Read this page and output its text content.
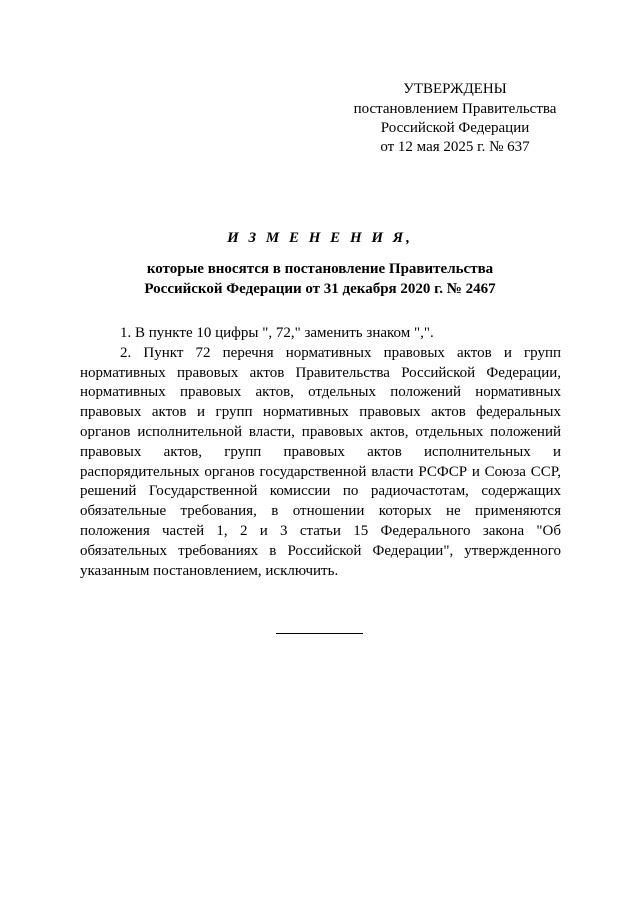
УТВЕРЖДЕНЫ
постановлением Правительства
Российской Федерации
от 12 мая 2025 г. № 637

И З М Е Н Е Н И Я,

которые вносятся в постановление Правительства
Российской Федерации от 31 декабря 2020 г. № 2467

1. В пункте 10 цифры ", 72," заменить знаком ",".

2. Пункт 72 перечня нормативных правовых актов и групп нормативных правовых актов Правительства Российской Федерации, нормативных правовых актов, отдельных положений нормативных правовых актов и групп нормативных правовых актов федеральных органов исполнительной власти, правовых актов, отдельных положений правовых актов, групп правовых актов исполнительных и распорядительных органов государственной власти РСФСР и Союза ССР, решений Государственной комиссии по радиочастотам, содержащих обязательные требования, в отношении которых не применяются положения частей 1, 2 и 3 статьи 15 Федерального закона "Об обязательных требованиях в Российской Федерации", утвержденного указанным постановлением, исключить.
